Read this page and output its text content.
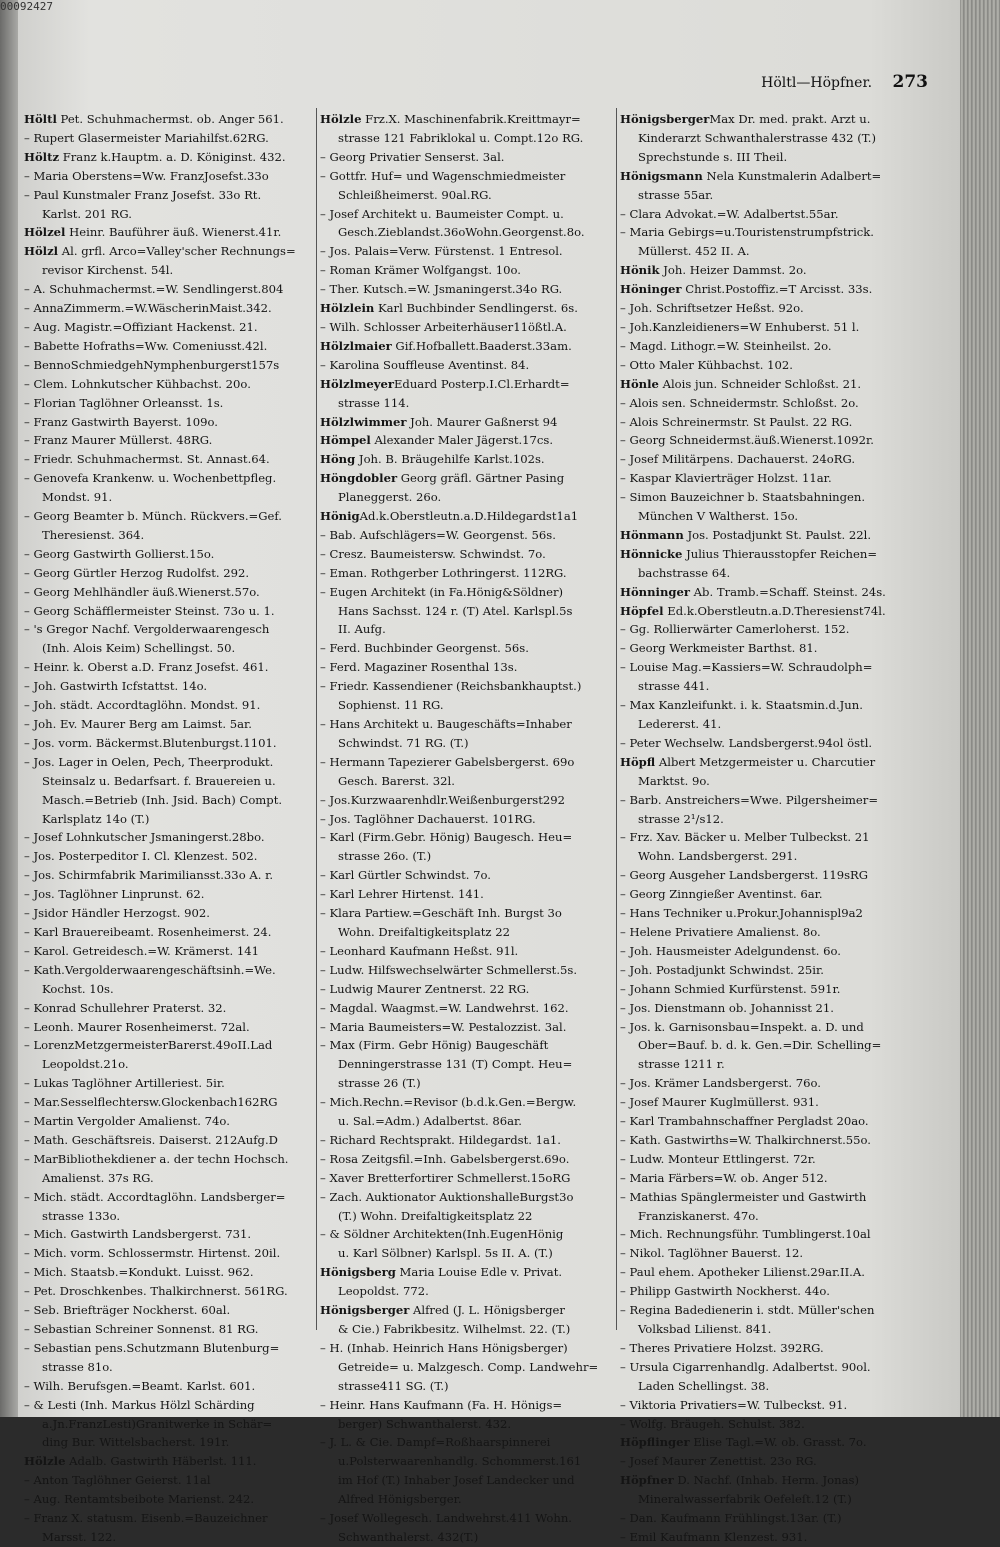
00092427
Höltl—Höpfner. 273
Höltl Pet. Schuhmachermst. ob. Anger 561.
– Rupert Glasermeister Mariahilfst.62RG.
Höltz Franz k.Hauptm. a. D. Königinst. 432.
– Maria Oberstens=Ww. FranzJosefst.33o
– Paul Kunstmaler Franz Josefst. 33o Rt.
Karlst. 201 RG.
Hölzel Heinr. Bauführer äuß. Wienerst.41r.
Hölzl Al. grfl. Arco=Valley'scher Rechnungs=
revisor Kirchenst. 54l.
– A. Schuhmachermst.=W. Sendlingerst.804
– AnnaZimmerm.=W.WäscherinMaist.342.
– Aug. Magistr.=Offiziant Hackenst. 21.
– Babette Hofraths=Ww. Comeniusst.42l.
– BennoSchmiedgehNymphenburgerst157s
– Clem. Lohnkutscher Kühbachst. 20o.
– Florian Taglöhner Orleansst. 1s.
– Franz Gastwirth Bayerst. 109o.
– Franz Maurer Müllerst. 48RG.
– Friedr. Schuhmachermst. St. Annast.64.
– Genovefa Krankenw. u. Wochenbettpfleg.
Mondst. 91.
– Georg Beamter b. Münch. Rückvers.=Gef.
Theresienst. 364.
– Georg Gastwirth Gollierst.15o.
– Georg Gürtler Herzog Rudolfst. 292.
– Georg Mehlhändler äuß.Wienerst.57o.
– Georg Schäfflermeister Steinst. 73o u. 1.
– 's Gregor Nachf. Vergolderwaarengesch
(Inh. Alois Keim) Schellingst. 50.
– Heinr. k. Oberst a.D. Franz Josefst. 461.
– Joh. Gastwirth Icfstattst. 14o.
– Joh. städt. Accordtaglöhn. Mondst. 91.
– Joh. Ev. Maurer Berg am Laimst. 5ar.
– Jos. vorm. Bäckermst.Blutenburgst.1101.
– Jos. Lager in Oelen, Pech, Theerprodukt.
Steinsalz u. Bedarfsart. f. Brauereien u.
Masch.=Betrieb (Inh. Jsid. Bach) Compt.
Karlsplatz 14o (T.)
– Josef Lohnkutscher Jsmaningerst.28bo.
– Jos. Posterpeditor I. Cl. Klenzest. 502.
– Jos. Schirmfabrik Marimiliansst.33o A. r.
– Jos. Taglöhner Linprunst. 62.
– Jsidor Händler Herzogst. 902.
– Karl Brauereibeamt. Rosenheimerst. 24.
– Karol. Getreidesch.=W. Krämerst. 141
– Kath.Vergolderwaarengeschäftsinh.=We.
Kochst. 10s.
– Konrad Schullehrer Praterst. 32.
– Leonh. Maurer Rosenheimerst. 72al.
– LorenzMetzgermeisterBarerst.49oII.Lad
Leopoldst.21o.
– Lukas Taglöhner Artilleriest. 5ir.
– Mar.Sesselflechtersw.Glockenbach162RG
– Martin Vergolder Amalienst. 74o.
– Math. Geschäftsreis. Daiserst. 212Aufg.D
– MarBibliothekdiener a. der techn Hochsch.
Amalienst. 37s RG.
– Mich. städt. Accordtaglöhn. Landsberger=
strasse 133o.
– Mich. Gastwirth Landsbergerst. 731.
– Mich. vorm. Schlossermstr. Hirtenst. 20il.
– Mich. Staatsb.=Kondukt. Luisst. 962.
– Pet. Droschkenbes. Thalkirchnerst. 561RG.
– Seb. Briefträger Nockherst. 60al.
– Sebastian Schreiner Sonnenst. 81 RG.
– Sebastian pens.Schutzmann Blutenburg=
strasse 81o.
– Wilh. Berufsgen.=Beamt. Karlst. 601.
– & Lesti (Inh. Markus Hölzl Schärding
a.Jn.FranzLesti)Granitwerke in Schär=
ding Bur. Wittelsbacherst. 191r.
Hölzle Adalb. Gastwirth Häberlst. 111.
– Anton Taglöhner Geierst. 11al
– Aug. Rentamtsbeibote Marienst. 242.
– Franz X. statusm. Eisenb.=Bauzeichner
Marsst. 122.
Hölzle Frz.X. Maschinenfabrik.Kreittmayr=
strasse 121 Fabriklokal u. Compt.12o RG.
– Georg Privatier Senserst. 3al.
– Gottfr. Huf= und Wagenschmiedmeister
Schleißheimerst. 90al.RG.
– Josef Architekt u. Baumeister Compt. u.
Gesch.Zieblandst.36oWohn.Georgenst.8o.
– Jos. Palais=Verw. Fürstenst. 1 Entresol.
– Roman Krämer Wolfgangst. 10o.
– Ther. Kutsch.=W. Jsmaningerst.34o RG.
Hölzlein Karl Buchbinder Sendlingerst. 6s.
– Wilh. Schlosser Arbeiterhäuser11ößtl.A.
Hölzlmaier Gif.Hofballett.Baaderst.33am.
– Karolina Souffleuse Aventinst. 84.
HölzlmeyerEduard Posterp.I.Cl.Erhardt=
strasse 114.
Hölzlwimmer Joh. Maurer Gaßnerst 94
Hömpel Alexander Maler Jägerst.17cs.
Höng Joh. B. Bräugehilfe Karlst.102s.
Höngdobler Georg gräfl. Gärtner Pasing
Planeggerst. 26o.
HönigAd.k.Oberstleutn.a.D.Hildegardst1a1
– Bab. Aufschlägers=W. Georgenst. 56s.
– Cresz. Baumeistersw. Schwindst. 7o.
– Eman. Rothgerber Lothringerst. 112RG.
– Eugen Architekt (in Fa.Hönig&Söldner)
Hans Sachsst. 124 r. (T) Atel. Karlspl.5s
II. Aufg.
– Ferd. Buchbinder Georgenst. 56s.
– Ferd. Magaziner Rosenthal 13s.
– Friedr. Kassendiener (Reichsbankhauptst.)
Sophienst. 11 RG.
– Hans Architekt u. Baugeschäfts=Inhaber
Schwindst. 71 RG. (T.)
– Hermann Tapezierer Gabelsbergerst. 69o
Gesch. Barerst. 32l.
– Jos.Kurzwaarenhdlr.Weißenburgerst292
– Jos. Taglöhner Dachauerst. 101RG.
– Karl (Firm.Gebr. Hönig) Baugesch. Heu=
strasse 26o. (T.)
– Karl Gürtler Schwindst. 7o.
– Karl Lehrer Hirtenst. 141.
– Klara Partiew.=Geschäft Inh. Burgst 3o
Wohn. Dreifaltigkeitsplatz 22
– Leonhard Kaufmann Heßst. 91l.
– Ludw. Hilfswechselwärter Schmellerst.5s.
– Ludwig Maurer Zentnerst. 22 RG.
– Magdal. Waagmst.=W. Landwehrst. 162.
– Maria Baumeisters=W. Pestalozzist. 3al.
– Max (Firm. Gebr Hönig) Baugeschäft
Denningerstrasse 131 (T) Compt. Heu=
strasse 26 (T.)
– Mich.Rechn.=Revisor (b.d.k.Gen.=Bergw.
u. Sal.=Adm.) Adalbertst. 86ar.
– Richard Rechtsprakt. Hildegardst. 1a1.
– Rosa Zeitgsfil.=Inh. Gabelsbergerst.69o.
– Xaver Bretterfortirer Schmellerst.15oRG
– Zach. Auktionator AuktionshalleBurgst3o
(T.) Wohn. Dreifaltigkeitsplatz 22
– & Söldner Architekten(Inh.EugenHönig
u. Karl Sölbner) Karlspl. 5s II. A. (T.)
Hönigsberg Maria Louise Edle v. Privat.
Leopoldst. 772.
Hönigsberger Alfred (J. L. Hönigsberger
& Cie.) Fabrikbesitz. Wilhelmst. 22. (T.)
– H. (Inhab. Heinrich Hans Hönigsberger)
Getreide= u. Malzgesch. Comp. Landwehr=
strasse411 SG. (T.)
– Heinr. Hans Kaufmann (Fa. H. Hönigs=
berger) Schwanthalerst. 432.
– J. L. & Cie. Dampf=Roßhaarspinnerei
u.Polsterwaarenhandlg. Schommerst.161
im Hof (T.) Inhaber Josef Landecker und
Alfred Hönigsberger.
– Josef Wollegesch. Landwehrst.411 Wohn.
Schwanthalerst. 432(T.)
HönigsbergerMax Dr. med. prakt. Arzt u.
Kinderarzt Schwanthalerstrasse 432 (T.)
Sprechstunde s. III Theil.
Hönigsmann Nela Kunstmalerin Adalbert=
strasse 55ar.
– Clara Advokat.=W. Adalbertst.55ar.
– Maria Gebirgs=u.Touristenstrumpfstrick.
Müllerst. 452 II. A.
Hönik Joh. Heizer Dammst. 2o.
Höninger Christ.Postoffiz.=T Arcisst. 33s.
– Joh. Schriftsetzer Heßst. 92o.
– Joh.Kanzleidieners=W Enhuberst. 51 l.
– Magd. Lithogr.=W. Steinheilst. 2o.
– Otto Maler Kühbachst. 102.
Hönle Alois jun. Schneider Schloßst. 21.
– Alois sen. Schneidermstr. Schloßst. 2o.
– Alois Schreinermstr. St Paulst. 22 RG.
– Georg Schneidermst.äuß.Wienerst.1092r.
– Josef Militärpens. Dachauerst. 24oRG.
– Kaspar Klavierträger Holzst. 11ar.
– Simon Bauzeichner b. Staatsbahningen.
München V Waltherst. 15o.
Hönmann Jos. Postadjunkt St. Paulst. 22l.
Hönnicke Julius Thierausstopfer Reichen=
bachstrasse 64.
Hönninger Ab. Tramb.=Schaff. Steinst. 24s.
Höpfel Ed.k.Oberstleutn.a.D.Theresienst74l.
– Gg. Rollierwärter Camerloherst. 152.
– Georg Werkmeister Barthst. 81.
– Louise Mag.=Kassiers=W. Schraudolph=
strasse 441.
– Max Kanzleifunkt. i. k. Staatsmin.d.Jun.
Ledererst. 41.
– Peter Wechselw. Landsbergerst.94ol östl.
Höpfl Albert Metzgermeister u. Charcutier
Marktst. 9o.
– Barb. Anstreichers=Wwe. Pilgersheimer=
strasse 2¹/s12.
– Frz. Xav. Bäcker u. Melber Tulbeckst. 21
Wohn. Landsbergerst. 291.
– Georg Ausgeher Landsbergerst. 119sRG
– Georg Zinngießer Aventinst. 6ar.
– Hans Techniker u.Prokur.Johannispl9a2
– Helene Privatiere Amalienst. 8o.
– Joh. Hausmeister Adelgundenst. 6o.
– Joh. Postadjunkt Schwindst. 25ir.
– Johann Schmied Kurfürstenst. 591r.
– Jos. Dienstmann ob. Johannisst 21.
– Jos. k. Garnisonsbau=Inspekt. a. D. und
Ober=Bauf. b. d. k. Gen.=Dir. Schelling=
strasse 1211 r.
– Jos. Krämer Landsbergerst. 76o.
– Josef Maurer Kuglmüllerst. 931.
– Karl Trambahnschaffner Pergladst 20ao.
– Kath. Gastwirths=W. Thalkirchnerst.55o.
– Ludw. Monteur Ettlingerst. 72r.
– Maria Färbers=W. ob. Anger 512.
– Mathias Spänglermeister und Gastwirth
Franziskanerst. 47o.
– Mich. Rechnungsführ. Tumblingerst.10al
– Nikol. Taglöhner Bauerst. 12.
– Paul ehem. Apotheker Lilienst.29ar.II.A.
– Philipp Gastwirth Nockherst. 44o.
– Regina Badedienerin i. stdt. Müller'schen
Volksbad Lilienst. 841.
– Theres Privatiere Holzst. 392RG.
– Ursula Cigarrenhandlg. Adalbertst. 90ol.
Laden Schellingst. 38.
– Viktoria Privatiers=W. Tulbeckst. 91.
– Wolfg. Bräugeh. Schulst. 382.
Höpflinger Elise Tagl.=W. ob. Grasst. 7o.
– Josef Maurer Zenettist. 23o RG.
Höpfner D. Nachf. (Inhab. Herm. Jonas)
Mineralwasserfabrik Oefeleſt.12 (T.)
– Dan. Kaufmann Frühlingst.13ar. (T.)
– Emil Kaufmann Klenzest. 931.
